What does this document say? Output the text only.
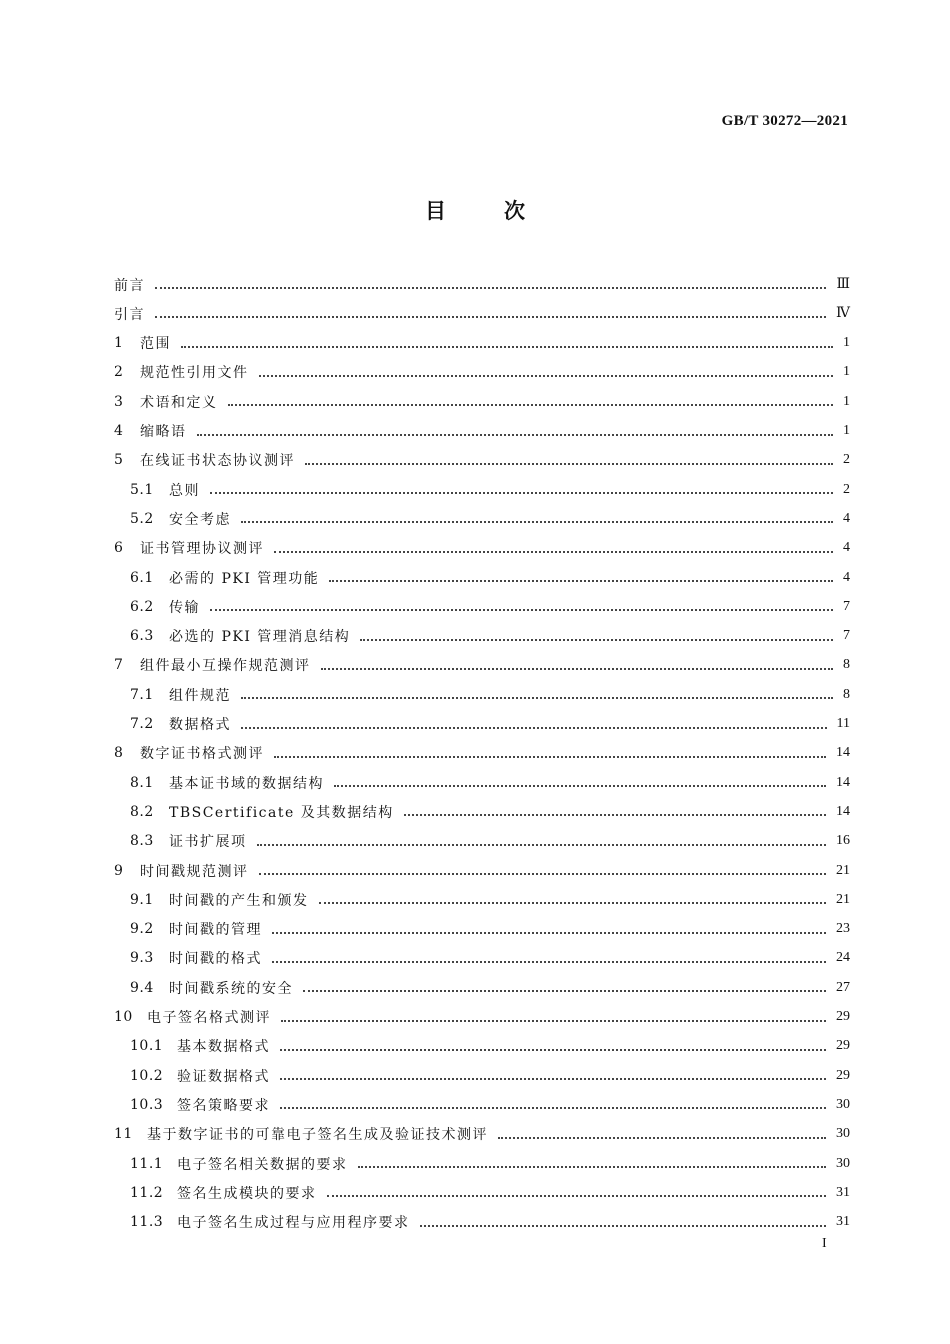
GB/T 30272—2021
目次
前言	Ⅲ
引言	Ⅳ
1	范围	1
2	规范性引用文件	1
3	术语和定义	1
4	缩略语	1
5	在线证书状态协议测评	2
5.1	总则	2
5.2	安全考虑	4
6	证书管理协议测评	4
6.1	必需的 PKI 管理功能	4
6.2	传输	7
6.3	必选的 PKI 管理消息结构	7
7	组件最小互操作规范测评	8
7.1	组件规范	8
7.2	数据格式	11
8	数字证书格式测评	14
8.1	基本证书域的数据结构	14
8.2	TBSCertificate 及其数据结构	14
8.3	证书扩展项	16
9	时间戳规范测评	21
9.1	时间戳的产生和颁发	21
9.2	时间戳的管理	23
9.3	时间戳的格式	24
9.4	时间戳系统的安全	27
10	电子签名格式测评	29
10.1 基本数据格式	29
10.2 验证数据格式	29
10.3 签名策略要求	30
11	基于数字证书的可靠电子签名生成及验证技术测评	30
11.1 电子签名相关数据的要求	30
11.2 签名生成模块的要求	31
11.3 电子签名生成过程与应用程序要求	31
I
